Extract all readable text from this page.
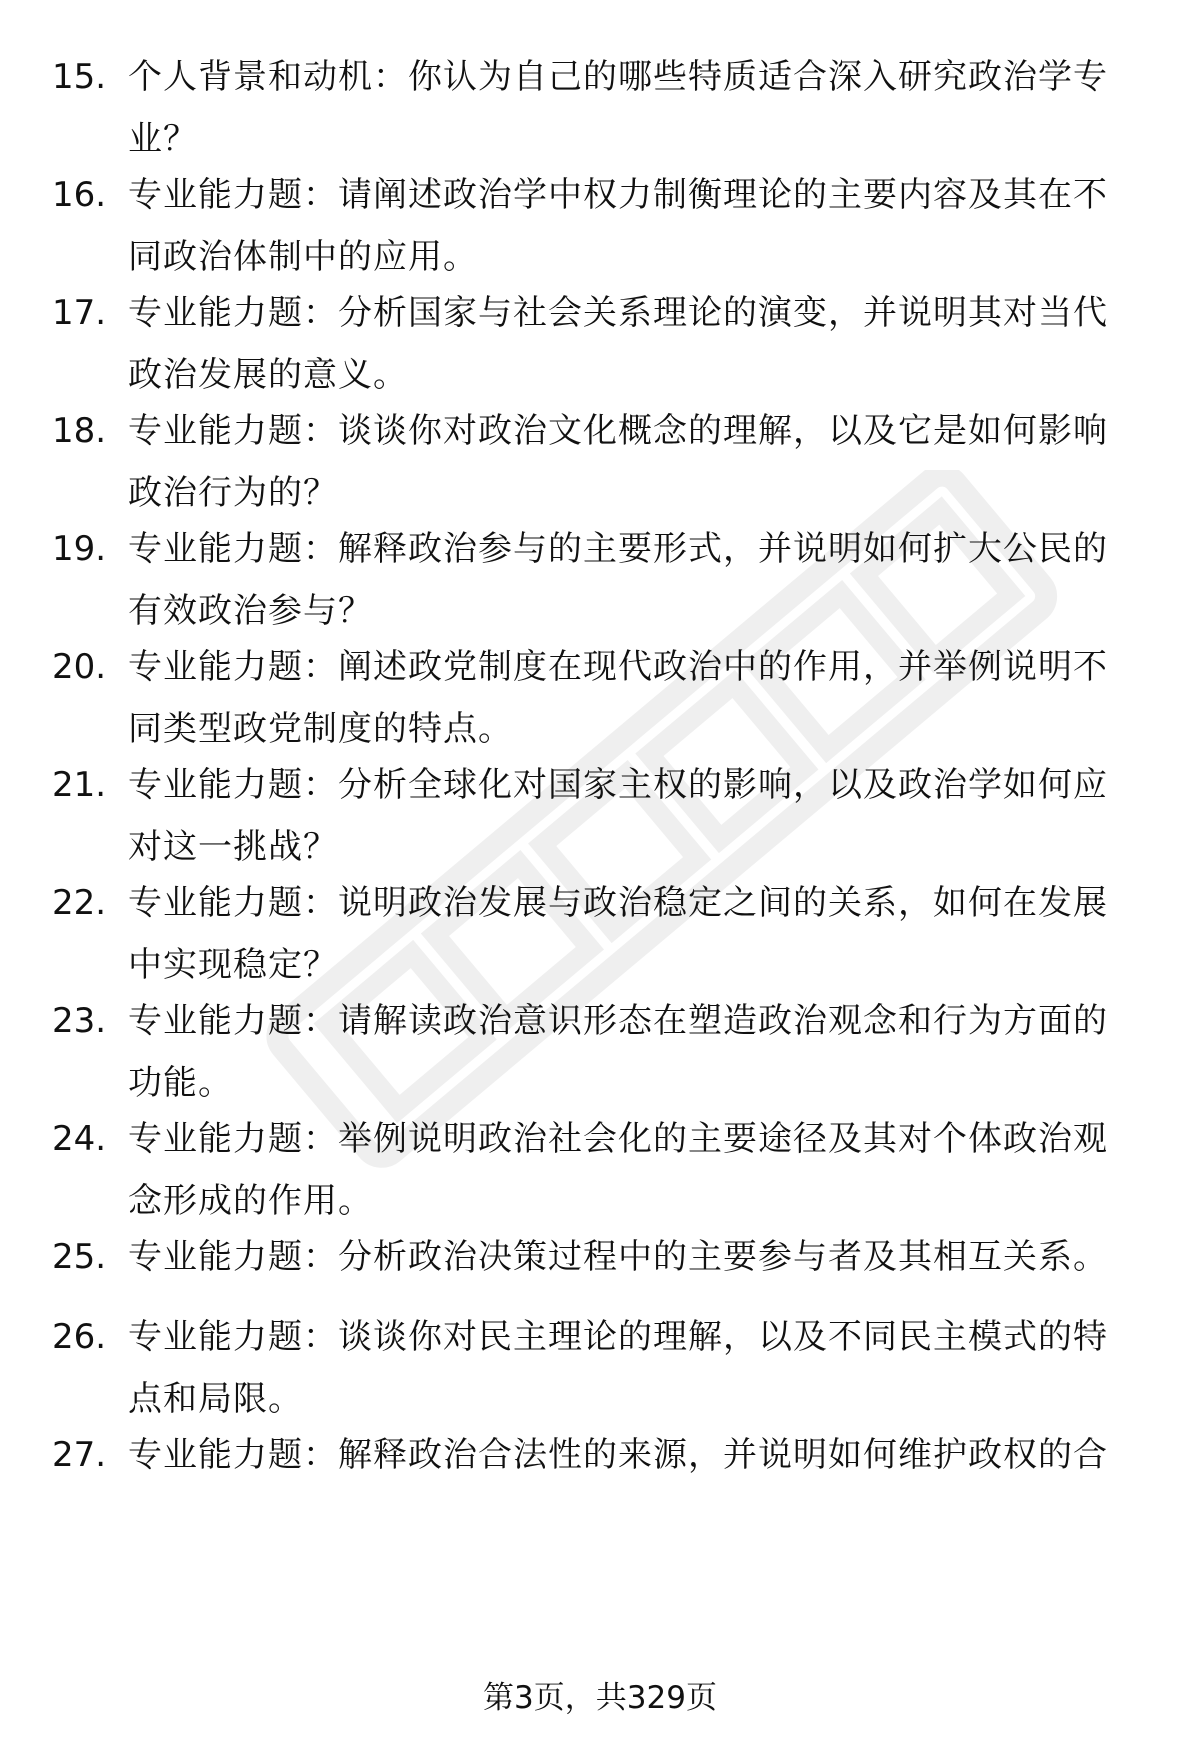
15. 个人背景和动机：你认为自己的哪些特质适合深入研究政治学专业？
16. 专业能力题：请阐述政治学中权力制衡理论的主要内容及其在不同政治体制中的应用。
17. 专业能力题：分析国家与社会关系理论的演变，并说明其对当代政治发展的意义。
18. 专业能力题：谈谈你对政治文化概念的理解，以及它是如何影响政治行为的？
19. 专业能力题：解释政治参与的主要形式，并说明如何扩大公民的有效政治参与？
20. 专业能力题：阐述政党制度在现代政治中的作用，并举例说明不同类型政党制度的特点。
21. 专业能力题：分析全球化对国家主权的影响，以及政治学如何应对这一挑战？
22. 专业能力题：说明政治发展与政治稳定之间的关系，如何在发展中实现稳定？
23. 专业能力题：请解读政治意识形态在塑造政治观念和行为方面的功能。
24. 专业能力题：举例说明政治社会化的主要途径及其对个体政治观念形成的作用。
25. 专业能力题：分析政治决策过程中的主要参与者及其相互关系。
26. 专业能力题：谈谈你对民主理论的理解，以及不同民主模式的特点和局限。
27. 专业能力题：解释政治合法性的来源，并说明如何维护政权的合
第3页，共329页
